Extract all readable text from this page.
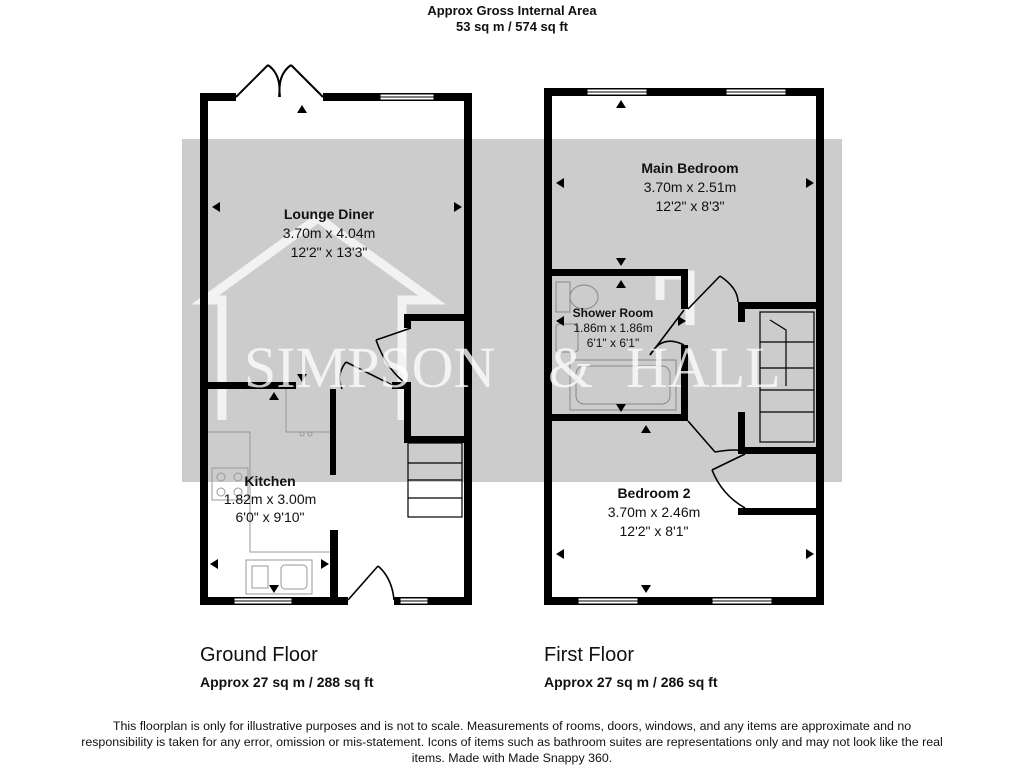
Approx Gross Internal Area
53 sq m / 574 sq ft
SIMPSON & HALL
Lounge Diner
3.70m x 4.04m
12'2" x 13'3"
Kitchen
1.82m x 3.00m
6'0" x 9'10"
Main Bedroom
3.70m x 2.51m
12'2" x 8'3"
Shower Room
1.86m x 1.86m
6'1" x 6'1"
Bedroom 2
3.70m x 2.46m
12'2" x 8'1"
Ground Floor
Approx 27 sq m / 288 sq ft
First Floor
Approx 27 sq m / 286 sq ft
This floorplan is only for illustrative purposes and is not to scale. Measurements of rooms, doors, windows, and any items are approximate and no responsibility is taken for any error, omission or mis-statement. Icons of items such as bathroom suites are representations only and may not look like the real items. Made with Made Snappy 360.
